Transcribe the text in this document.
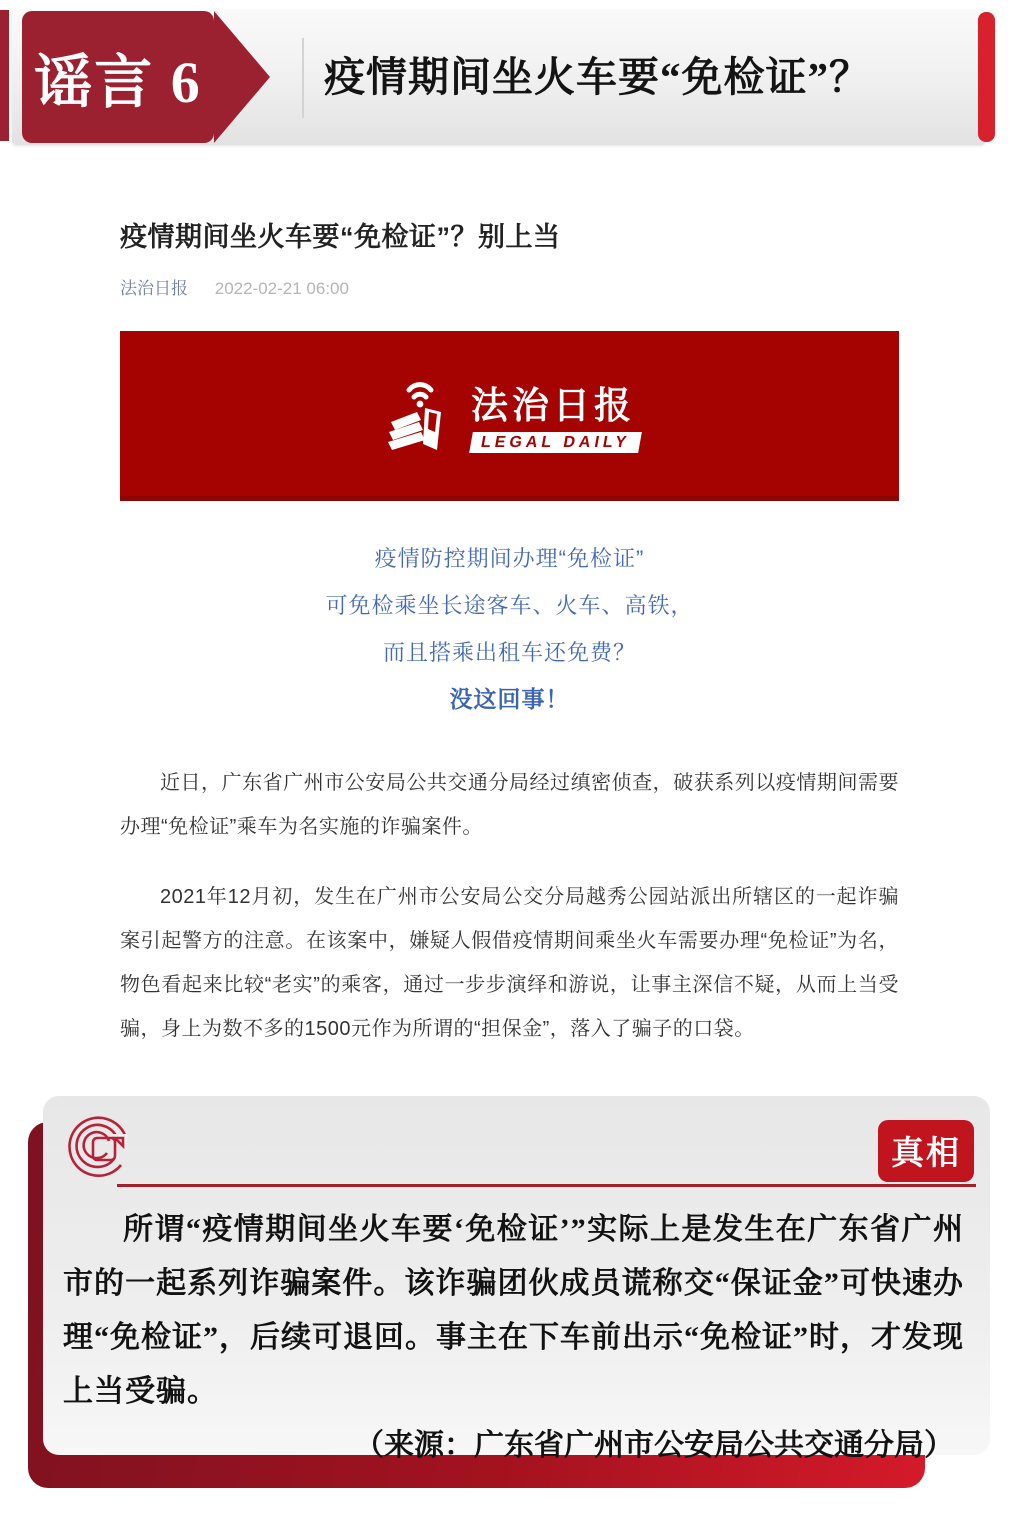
谣言 6	疫情期间坐火车要“免检证”？
疫情期间坐火车要“免检证”？别上当
法治日报 2022-02-21 06:00
法治日报
LEGAL DAILY

疫情防控期间办理“免检证”

可免检乘坐长途客车、火车、高铁，

而且搭乘出租车还免费？

没这回事！

近日，广东省广州市公安局公共交通分局经过缜密侦查，破获系列以疫情期间需要办理“免检证”乘车为名实施的诈骗案件。

2021年12月初，发生在广州市公安局公交分局越秀公园站派出所辖区的一起诈骗案引起警方的注意。在该案中，嫌疑人假借疫情期间乘坐火车需要办理“免检证”为名，物色看起来比较“老实”的乘客，通过一步步演绎和游说，让事主深信不疑，从而上当受骗，身上为数不多的1500元作为所谓的“担保金”，落入了骗子的口袋。

真相

所谓“疫情期间坐火车要‘免检证’”实际上是发生在广东省广州市的一起系列诈骗案件。该诈骗团伙成员谎称交“保证金”可快速办理“免检证”，后续可退回。事主在下车前出示“免检证”时，才发现上当受骗。

（来源：广东省广州市公安局公共交通分局）
